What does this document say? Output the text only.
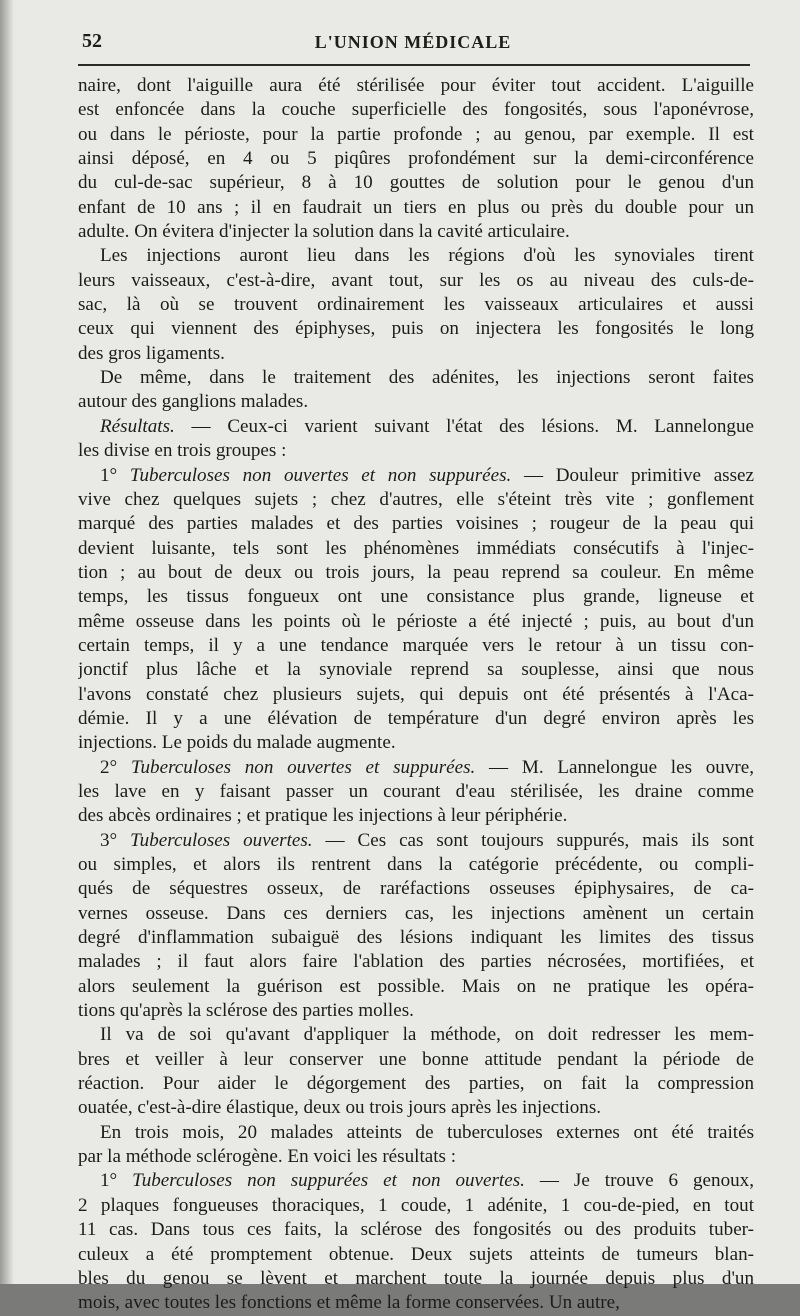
52	L'UNION MÉDICALE
naire, dont l'aiguille aura été stérilisée pour éviter tout accident. L'aiguille
est enfoncée dans la couche superficielle des fongosités, sous l'aponévrose,
ou dans le périoste, pour la partie profonde ; au genou, par exemple. Il est
ainsi déposé, en 4 ou 5 piqûres profondément sur la demi-circonférence
du cul-de-sac supérieur, 8 à 10 gouttes de solution pour le genou d'un
enfant de 10 ans ; il en faudrait un tiers en plus ou près du double pour un
adulte. On évitera d'injecter la solution dans la cavité articulaire.
Les injections auront lieu dans les régions d'où les synoviales tirent
leurs vaisseaux, c'est-à-dire, avant tout, sur les os au niveau des culs-de-
sac, là où se trouvent ordinairement les vaisseaux articulaires et aussi
ceux qui viennent des épiphyses, puis on injectera les fongosités le long
des gros ligaments.
De même, dans le traitement des adénites, les injections seront faites
autour des ganglions malades.
Résultats. — Ceux-ci varient suivant l'état des lésions. M. Lannelongue
les divise en trois groupes :
1° Tuberculoses non ouvertes et non suppurées. — Douleur primitive assez
vive chez quelques sujets ; chez d'autres, elle s'éteint très vite ; gonflement
marqué des parties malades et des parties voisines ; rougeur de la peau qui
devient luisante, tels sont les phénomènes immédiats consécutifs à l'injec-
tion ; au bout de deux ou trois jours, la peau reprend sa couleur. En même
temps, les tissus fongueux ont une consistance plus grande, ligneuse et
même osseuse dans les points où le périoste a été injecté ; puis, au bout d'un
certain temps, il y a une tendance marquée vers le retour à un tissu con-
jonctif plus lâche et la synoviale reprend sa souplesse, ainsi que nous
l'avons constaté chez plusieurs sujets, qui depuis ont été présentés à l'Aca-
démie. Il y a une élévation de température d'un degré environ après les
injections. Le poids du malade augmente.
2° Tuberculoses non ouvertes et suppurées. — M. Lannelongue les ouvre,
les lave en y faisant passer un courant d'eau stérilisée, les draine comme
des abcès ordinaires ; et pratique les injections à leur périphérie.
3° Tuberculoses ouvertes. — Ces cas sont toujours suppurés, mais ils sont
ou simples, et alors ils rentrent dans la catégorie précédente, ou compli-
qués de séquestres osseux, de raréfactions osseuses épiphysaires, de ca-
vernes osseuse. Dans ces derniers cas, les injections amènent un certain
degré d'inflammation subaiguë des lésions indiquant les limites des tissus
malades ; il faut alors faire l'ablation des parties nécrosées, mortifiées, et
alors seulement la guérison est possible. Mais on ne pratique les opéra-
tions qu'après la sclérose des parties molles.
Il va de soi qu'avant d'appliquer la méthode, on doit redresser les mem-
bres et veiller à leur conserver une bonne attitude pendant la période de
réaction. Pour aider le dégorgement des parties, on fait la compression
ouatée, c'est-à-dire élastique, deux ou trois jours après les injections.
En trois mois, 20 malades atteints de tuberculoses externes ont été traités
par la méthode sclérogène. En voici les résultats :
1° Tuberculoses non suppurées et non ouvertes. — Je trouve 6 genoux,
2 plaques fongueuses thoraciques, 1 coude, 1 adénite, 1 cou-de-pied, en tout
11 cas. Dans tous ces faits, la sclérose des fongosités ou des produits tuber-
culeux a été promptement obtenue. Deux sujets atteints de tumeurs blan-
bles du genou se lèvent et marchent toute la journée depuis plus d'un
mois, avec toutes les fonctions et même la forme conservées. Un autre,
